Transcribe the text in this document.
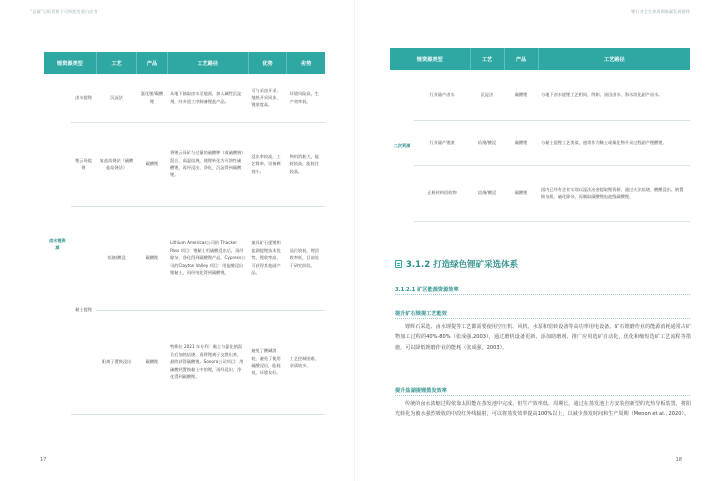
“双碳”目标背景下可持续发展白皮书
锂资源类型		工艺	产品	工艺路径	优势	劣势
卤水锂资源	卤水提锂	沉淀法	氯化锂/碳酸锂	从地下抽取卤水至地面，加入碱性沉淀剂，经多道工序制备锂盐产品。	可与采卤开采、地热开采同步，锂浓度高。	环境风险高，生产效率低。
	锂云母提锂	复盐焙烧法（硫酸盐焙烧法）	碳酸锂	将锂云母矿与过量的硫酸钾（或硫酸钠）混合，高温焙烧，使锂转化为可溶性硫酸锂，再经浸出、净化、沉淀得到碳酸锂。	浸出率较高，工艺简单，设备腐蚀小。	物料消耗大，能耗较高，能耗比较高。
	黏土提锂	焙烧/酸浸	碳酸锂	Lithium Americas公司的 Thacker Pass 项目：锂黏土用硫酸浸出后，再经除杂、净化得到碳酸锂产品。Cypress公司的Clayton Valley 项目：用盐酸浸出锂黏土，再经纯化得到碳酸锂。	兼具矿石提锂和盐湖提锂技术优势，锂收率高，可获得其他副产品。	品位较低，锂回收率低，目前处于研究阶段。
		阳离子置换浸出	碳酸锂	特斯拉 2021 年专利：黏土与氯化钠混合后加热焙烧，再将锂离子交换出来，最终获得碳酸锂。Sonora公司项目：用硫酸钙置换黏土中的锂，再经浸出、净化得到碳酸锂。	避免了酸碱消耗，避免了使用硫酸浸出，能耗低，环境友好。	工艺控制困难，杂质较多。
17
锂行业全生命周期低碳发展路线
锂资源类型		工艺	产品	工艺路径
二次资源	行业副产卤水	沉淀法	碳酸锂	与地下卤水提锂工艺相同，例如，油田卤水、海水淡化副产卤水。
	行业副产锂渣	焙烧/酸浸	碳酸锂	与黏土提锂工艺类似，通常作为稀土或氟化物开采过程副产锂酸锂。
	正极材料回收物	焙烧/酸浸	碳酸锂	国内已经有企业实现以湿法冶金提取锂资源，通过火法焙烧、酸酸浸出、钠置换杂质、硫化除杂，再制取碳酸锂电池级碳酸锂。
3.1.2 打造绿色锂矿采选体系
3.1.2.1 矿区能源资源效率
提升矿石锂提工艺能效
锂辉石采选、卤水锂提等工艺都需要使用空压机、风机、水泵和窑转设备等高功率用电设备。矿石锂磨作业的能源消耗通常占矿物加工过程的40%-80%（张成强,2003），通过磨机设备更新、添加助磨剂、推广应用选矿自动化，优化和缩短选矿工艺流程等措施，可以降低锂磨作业的能耗（张成强，2003）。
提升盐湖提锂蒸发效率
传统的卤水浓缩过程依靠太阳能在蒸发池中完成，但生产效率低、周期长。通过在蒸发池上方安装创新型的光热导板装置，将阳光转化为被水强烈吸收的中段红外线辐射，可以将蒸发效率提高100%以上，以减少蒸发时间和生产周期（Menon et al., 2020）。
18
